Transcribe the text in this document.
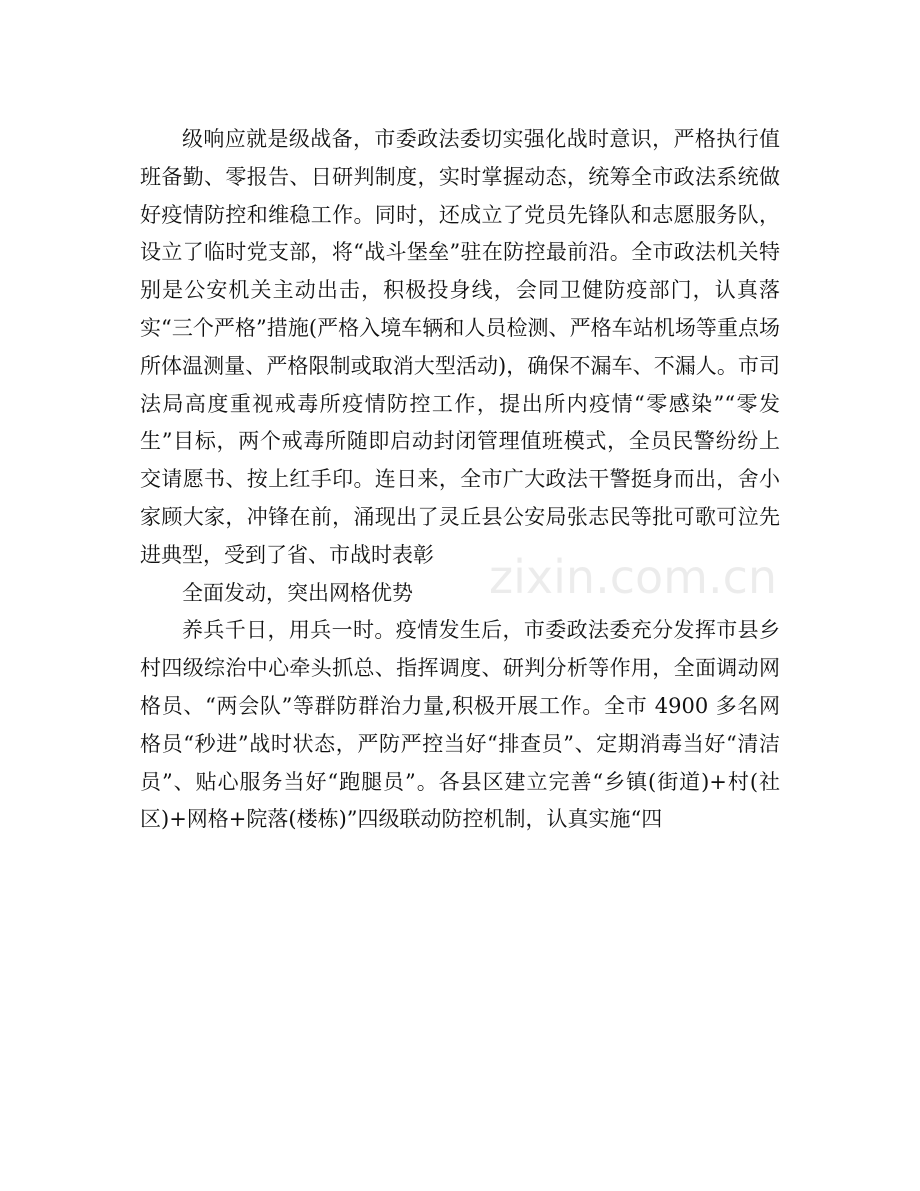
级响应就是级战备，市委政法委切实强化战时意识，严格执行值班备勤、零报告、日研判制度，实时掌握动态，统筹全市政法系统做好疫情防控和维稳工作。同时，还成立了党员先锋队和志愿服务队，设立了临时党支部，将“战斗堡垒”驻在防控最前沿。全市政法机关特别是公安机关主动出击，积极投身线，会同卫健防疫部门，认真落实“三个严格”措施(严格入境车辆和人员检测、严格车站机场等重点场所体温测量、严格限制或取消大型活动)，确保不漏车、不漏人。市司法局高度重视戒毒所疫情防控工作，提出所内疫情“零感染”“零发生”目标，两个戒毒所随即启动封闭管理值班模式，全员民警纷纷上交请愿书、按上红手印。连日来，全市广大政法干警挺身而出，舍小家顾大家，冲锋在前，涌现出了灵丘县公安局张志民等批可歌可泣先进典型，受到了省、市战时表彰

全面发动，突出网格优势

养兵千日，用兵一时。疫情发生后，市委政法委充分发挥市县乡村四级综治中心牵头抓总、指挥调度、研判分析等作用，全面调动网格员、“两会队”等群防群治力量,积极开展工作。全市 4900 多名网格员“秒进”战时状态，严防严控当好“排查员”、定期消毒当好“清洁员”、贴心服务当好“跑腿员”。各县区建立完善“乡镇(街道)+村(社区)+网格+院落(楼栋)”四级联动防控机制，认真实施“四

zixin.com.cn
